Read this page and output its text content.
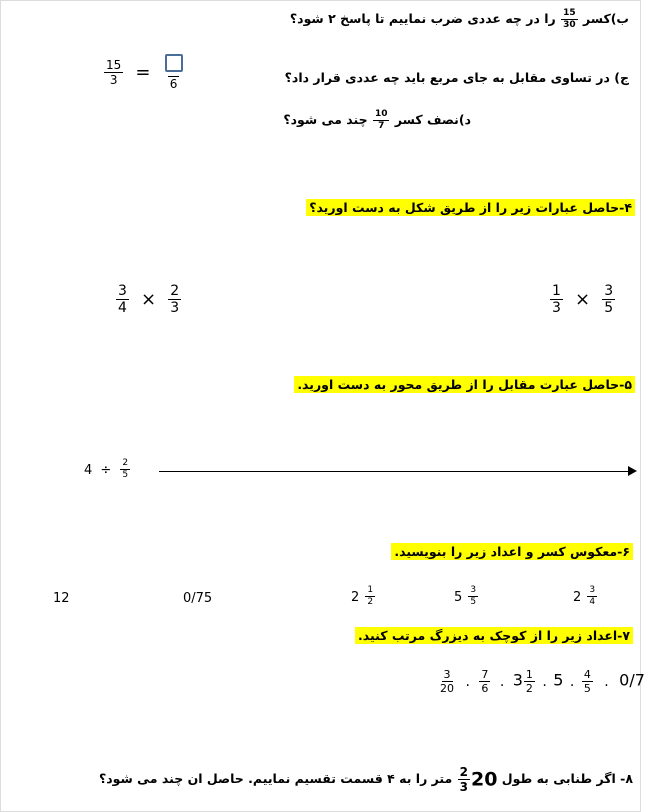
ب)کسر
$\frac{15}{30}$
را در چه عددی ضرب نماییم تا پاسخ ۲ شود؟
$\frac{15}{3}$ =
6	ج) در تساوی مقابل به جای مربع باید چه عددی قرار داد؟
د)نصف کسر
$\frac{10}{7}$
چند می شود؟
۴-حاصل عبارات زیر را از طریق شکل به دست اورید؟
$\frac{1}{3} \times \frac{3}{5}$
$\frac{3}{4} \times \frac{2}{3}$
۵-حاصل عبارت مقابل را از طریق محور به دست اورید.
$4 \div \frac{2}{5}$
۶-معکوس کسر و اعداد زیر را بنویسید.
$2 \frac{3}{4}$
$5 \frac{3}{5}$
$2 \frac{1}{2}$
0/75
12
۷-اعداد زیر را از کوچک به دیزرگ مرتب کنید.
$\frac{3}{20}$ . $\frac{7}{6}$ . $3 \frac{1}{2}$ . 5 . $\frac{4}{5}$ . 0/7
۸- اگر طنابی به طول 20
$\frac{2}{3}$
متر را به ۴ قسمت تقسیم نماییم. حاصل ان چند می شود؟
